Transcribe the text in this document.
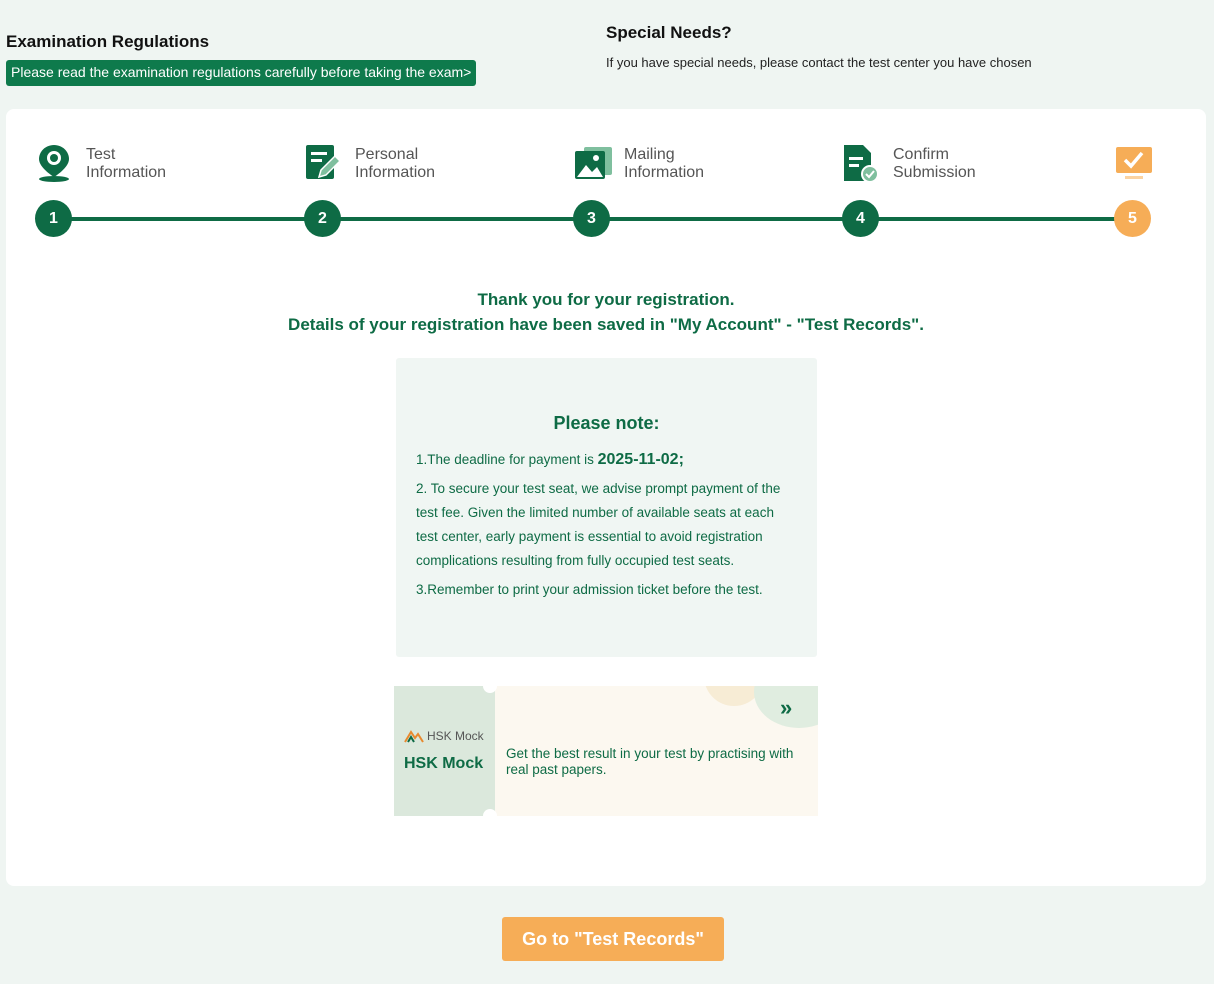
Examination Regulations
Please read the examination regulations carefully before taking the exam>
Special Needs?

If you have special needs, please contact the test center you have chosen

Test
Information
1
Personal
Information
2
Mailing
Information
3
Confirm
Submission
4	5
Thank you for your registration.
Details of your registration have been saved in "My Account" - "Test Records".
Please note:

1.The deadline for payment is 2025-11-02;

2. To secure your test seat, we advise prompt payment of the test fee. Given the limited number of available seats at each test center, early payment is essential to avoid registration complications resulting from fully occupied test seats.

3.Remember to print your admission ticket before the test.

HSK Mock
HSK Mock
»
Get the best result in your test by practising with real past papers.
Go to "Test Records"
